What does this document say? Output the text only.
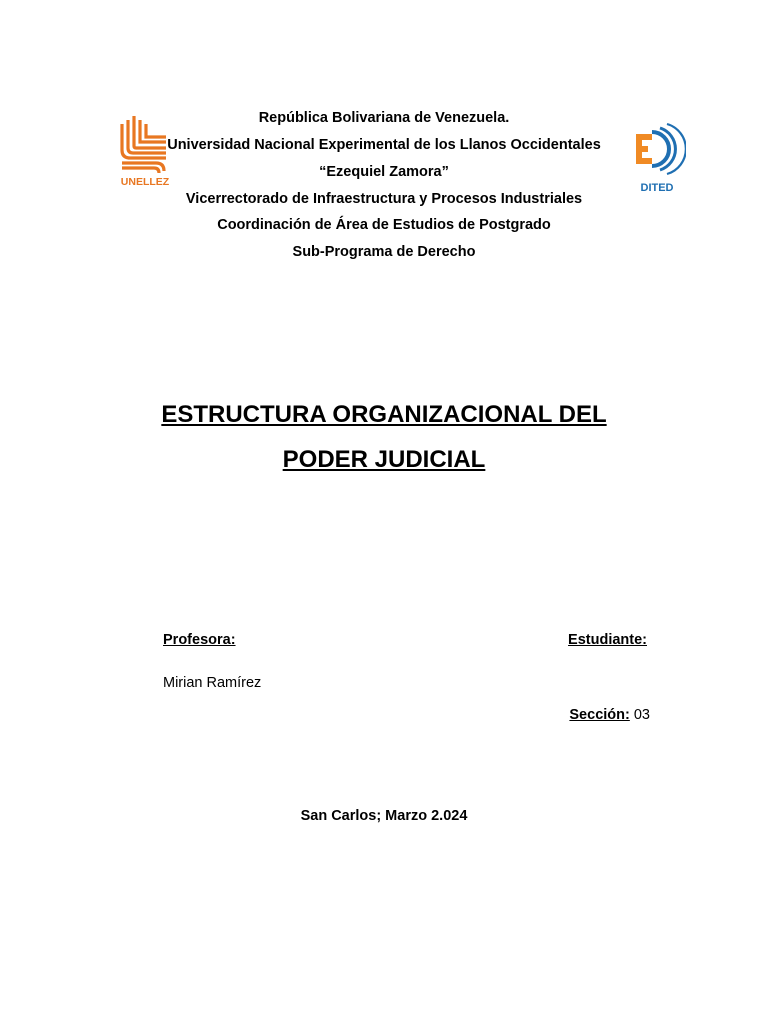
UNELLEZ	DITED
República Bolivariana de Venezuela.
Universidad Nacional Experimental de los Llanos Occidentales
“Ezequiel Zamora”
Vicerrectorado de Infraestructura y Procesos Industriales
Coordinación de Área de Estudios de Postgrado
Sub-Programa de Derecho
ESTRUCTURA ORGANIZACIONAL DEL
PODER JUDICIAL
Profesora:	Estudiante:
Mirian Ramírez
Sección: 03
San Carlos; Marzo 2.024
